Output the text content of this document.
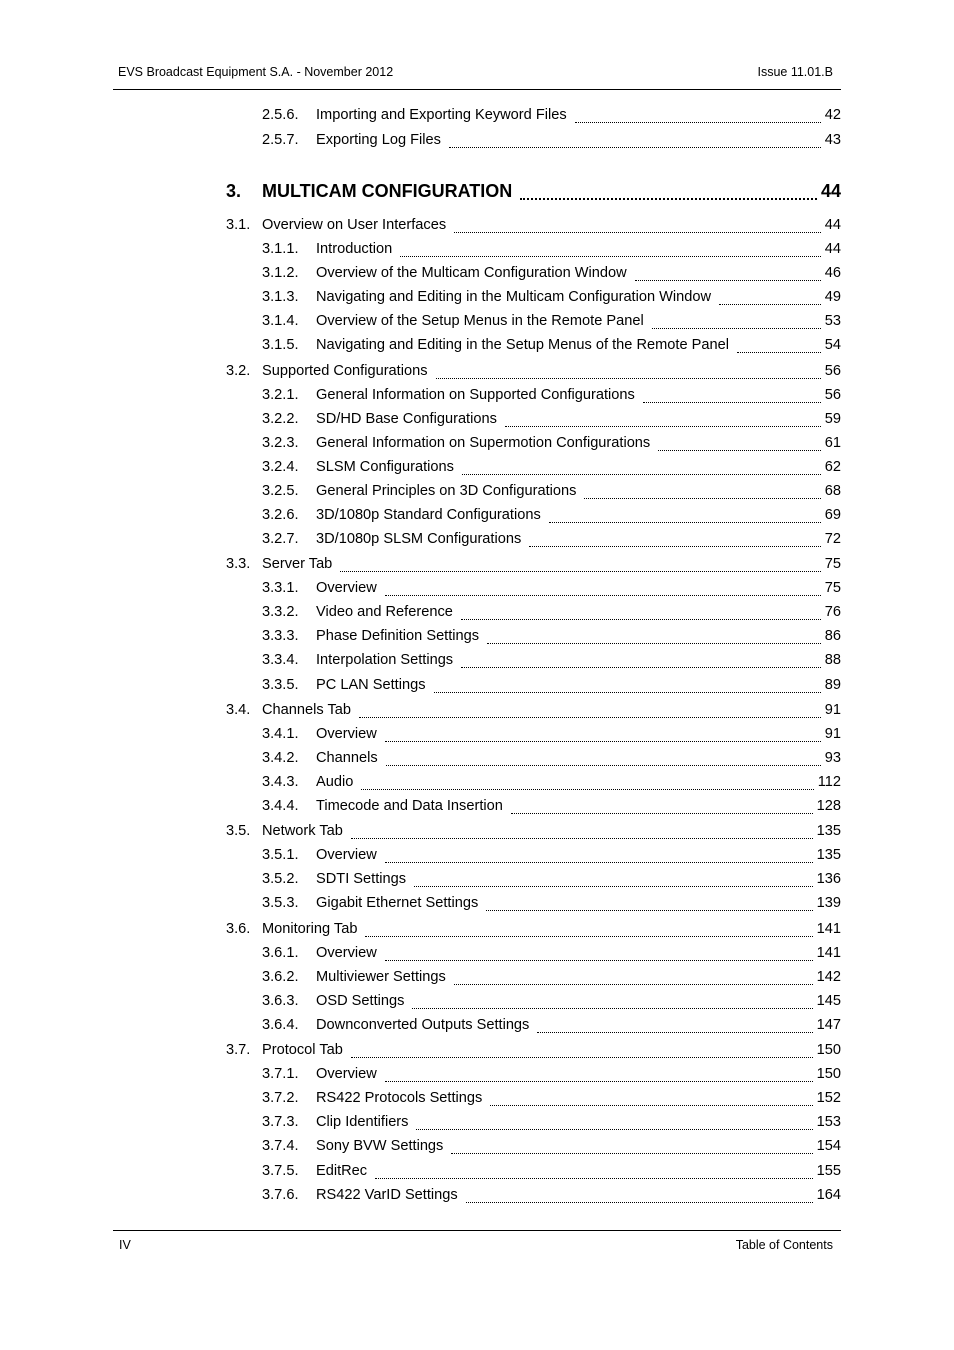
EVS Broadcast Equipment S.A. - November 2012	Issue 11.01.B
2.5.6.	Importing and Exporting Keyword Files	42
2.5.7.	Exporting Log Files	43
3.	MULTICAM CONFIGURATION	44
3.1. Overview on User Interfaces	44
3.1.1.	Introduction	44
3.1.2.	Overview of the Multicam Configuration Window	46
3.1.3.	Navigating and Editing in the Multicam Configuration Window	49
3.1.4.	Overview of the Setup Menus in the Remote Panel	53
3.1.5.	Navigating and Editing in the Setup Menus of the Remote Panel	54
3.2. Supported Configurations	56
3.2.1.	General Information on Supported Configurations	56
3.2.2.	SD/HD Base Configurations	59
3.2.3.	General Information on Supermotion Configurations	61
3.2.4.	SLSM Configurations	62
3.2.5.	General Principles on 3D Configurations	68
3.2.6.	3D/1080p Standard Configurations	69
3.2.7.	3D/1080p SLSM Configurations	72
3.3. Server Tab	75
3.3.1.	Overview	75
3.3.2.	Video and Reference	76
3.3.3.	Phase Definition Settings	86
3.3.4.	Interpolation Settings	88
3.3.5.	PC LAN Settings	89
3.4. Channels Tab	91
3.4.1.	Overview	91
3.4.2.	Channels	93
3.4.3.	Audio	112
3.4.4.	Timecode and Data Insertion	128
3.5. Network Tab	135
3.5.1.	Overview	135
3.5.2.	SDTI Settings	136
3.5.3.	Gigabit Ethernet Settings	139
3.6. Monitoring Tab	141
3.6.1.	Overview	141
3.6.2.	Multiviewer Settings	142
3.6.3.	OSD Settings	145
3.6.4.	Downconverted Outputs Settings	147
3.7. Protocol Tab	150
3.7.1.	Overview	150
3.7.2.	RS422 Protocols Settings	152
3.7.3.	Clip Identifiers	153
3.7.4.	Sony BVW Settings	154
3.7.5.	EditRec	155
3.7.6.	RS422 VarID Settings	164
IV	Table of Contents
